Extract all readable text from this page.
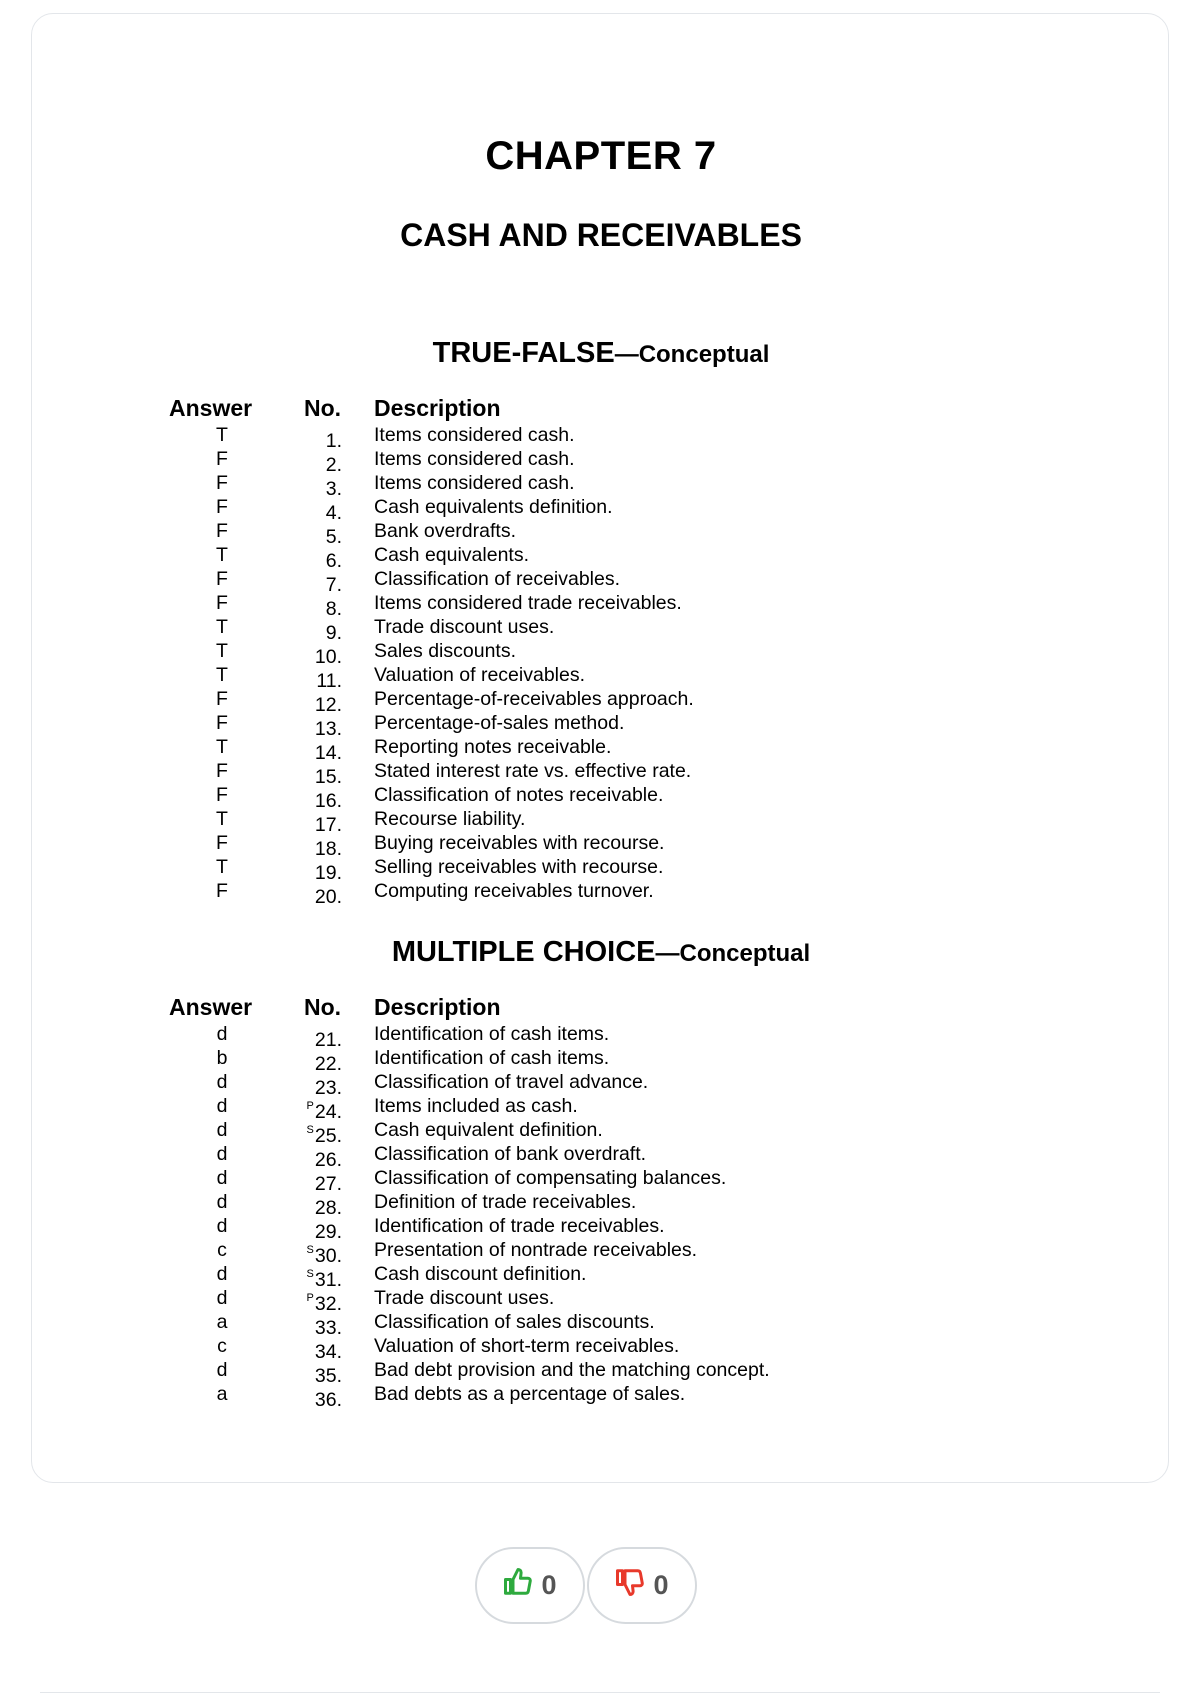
CHAPTER 7
CASH AND RECEIVABLES
TRUE-FALSE—Conceptual
Answer No. Description
T	1. Items considered cash.
F	2. Items considered cash.
F	3. Items considered cash.
F	4. Cash equivalents definition.
F	5. Bank overdrafts.
T	6. Cash equivalents.
F	7. Classification of receivables.
F	8. Items considered trade receivables.
T	9. Trade discount uses.
T	10. Sales discounts.
T	11. Valuation of receivables.
F	12. Percentage-of-receivables approach.
F	13. Percentage-of-sales method.
T	14. Reporting notes receivable.
F	15. Stated interest rate vs. effective rate.
F	16. Classification of notes receivable.
T	17. Recourse liability.
F	18. Buying receivables with recourse.
T	19. Selling receivables with recourse.
F	20. Computing receivables turnover.
MULTIPLE CHOICE—Conceptual
Answer No. Description
d	21. Identification of cash items.
b	22. Identification of cash items.
d	23. Classification of travel advance.
d	$^P$24. Items included as cash.
d	$^S$25. Cash equivalent definition.
d	26. Classification of bank overdraft.
d	27. Classification of compensating balances.
d	28. Definition of trade receivables.
d	29. Identification of trade receivables.
c	$^S$30. Presentation of nontrade receivables.
d	$^S$31. Cash discount definition.
d	$^P$32. Trade discount uses.
a	33. Classification of sales discounts.
c	34. Valuation of short-term receivables.
d	35. Bad debt provision and the matching concept.
a	36. Bad debts as a percentage of sales.
0	0
